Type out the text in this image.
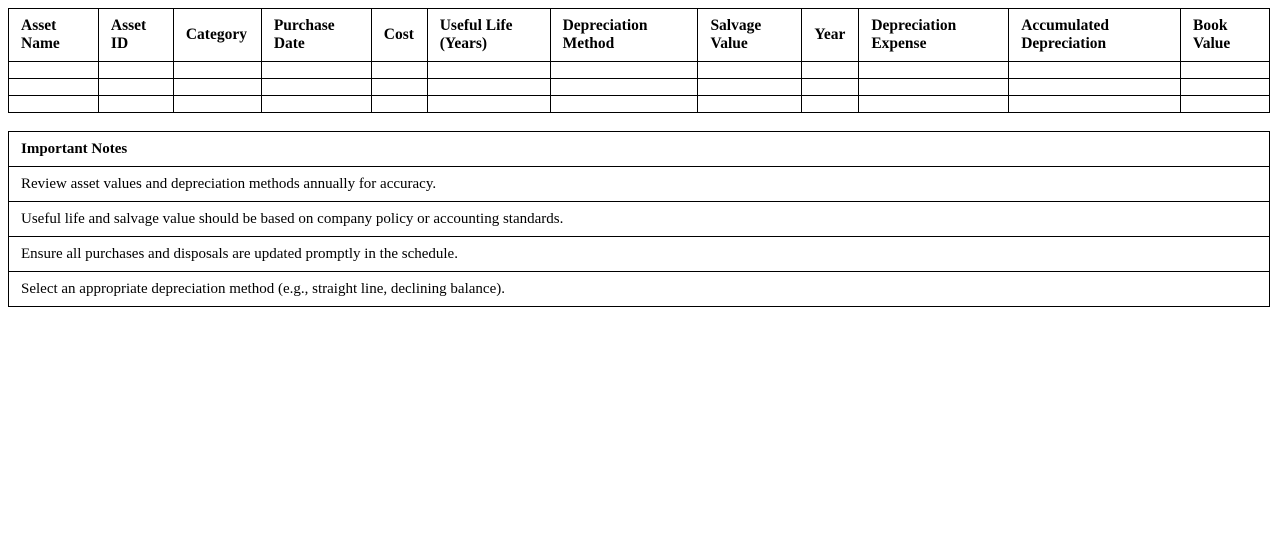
Asset Name	Asset ID	Category	Purchase Date	Cost	Useful Life (Years)	Depreciation Method	Salvage Value	Year	Depreciation Expense	Accumulated Depreciation	Book Value

Important Notes
Review asset values and depreciation methods annually for accuracy.
Useful life and salvage value should be based on company policy or accounting standards.
Ensure all purchases and disposals are updated promptly in the schedule.
Select an appropriate depreciation method (e.g., straight line, declining balance).
